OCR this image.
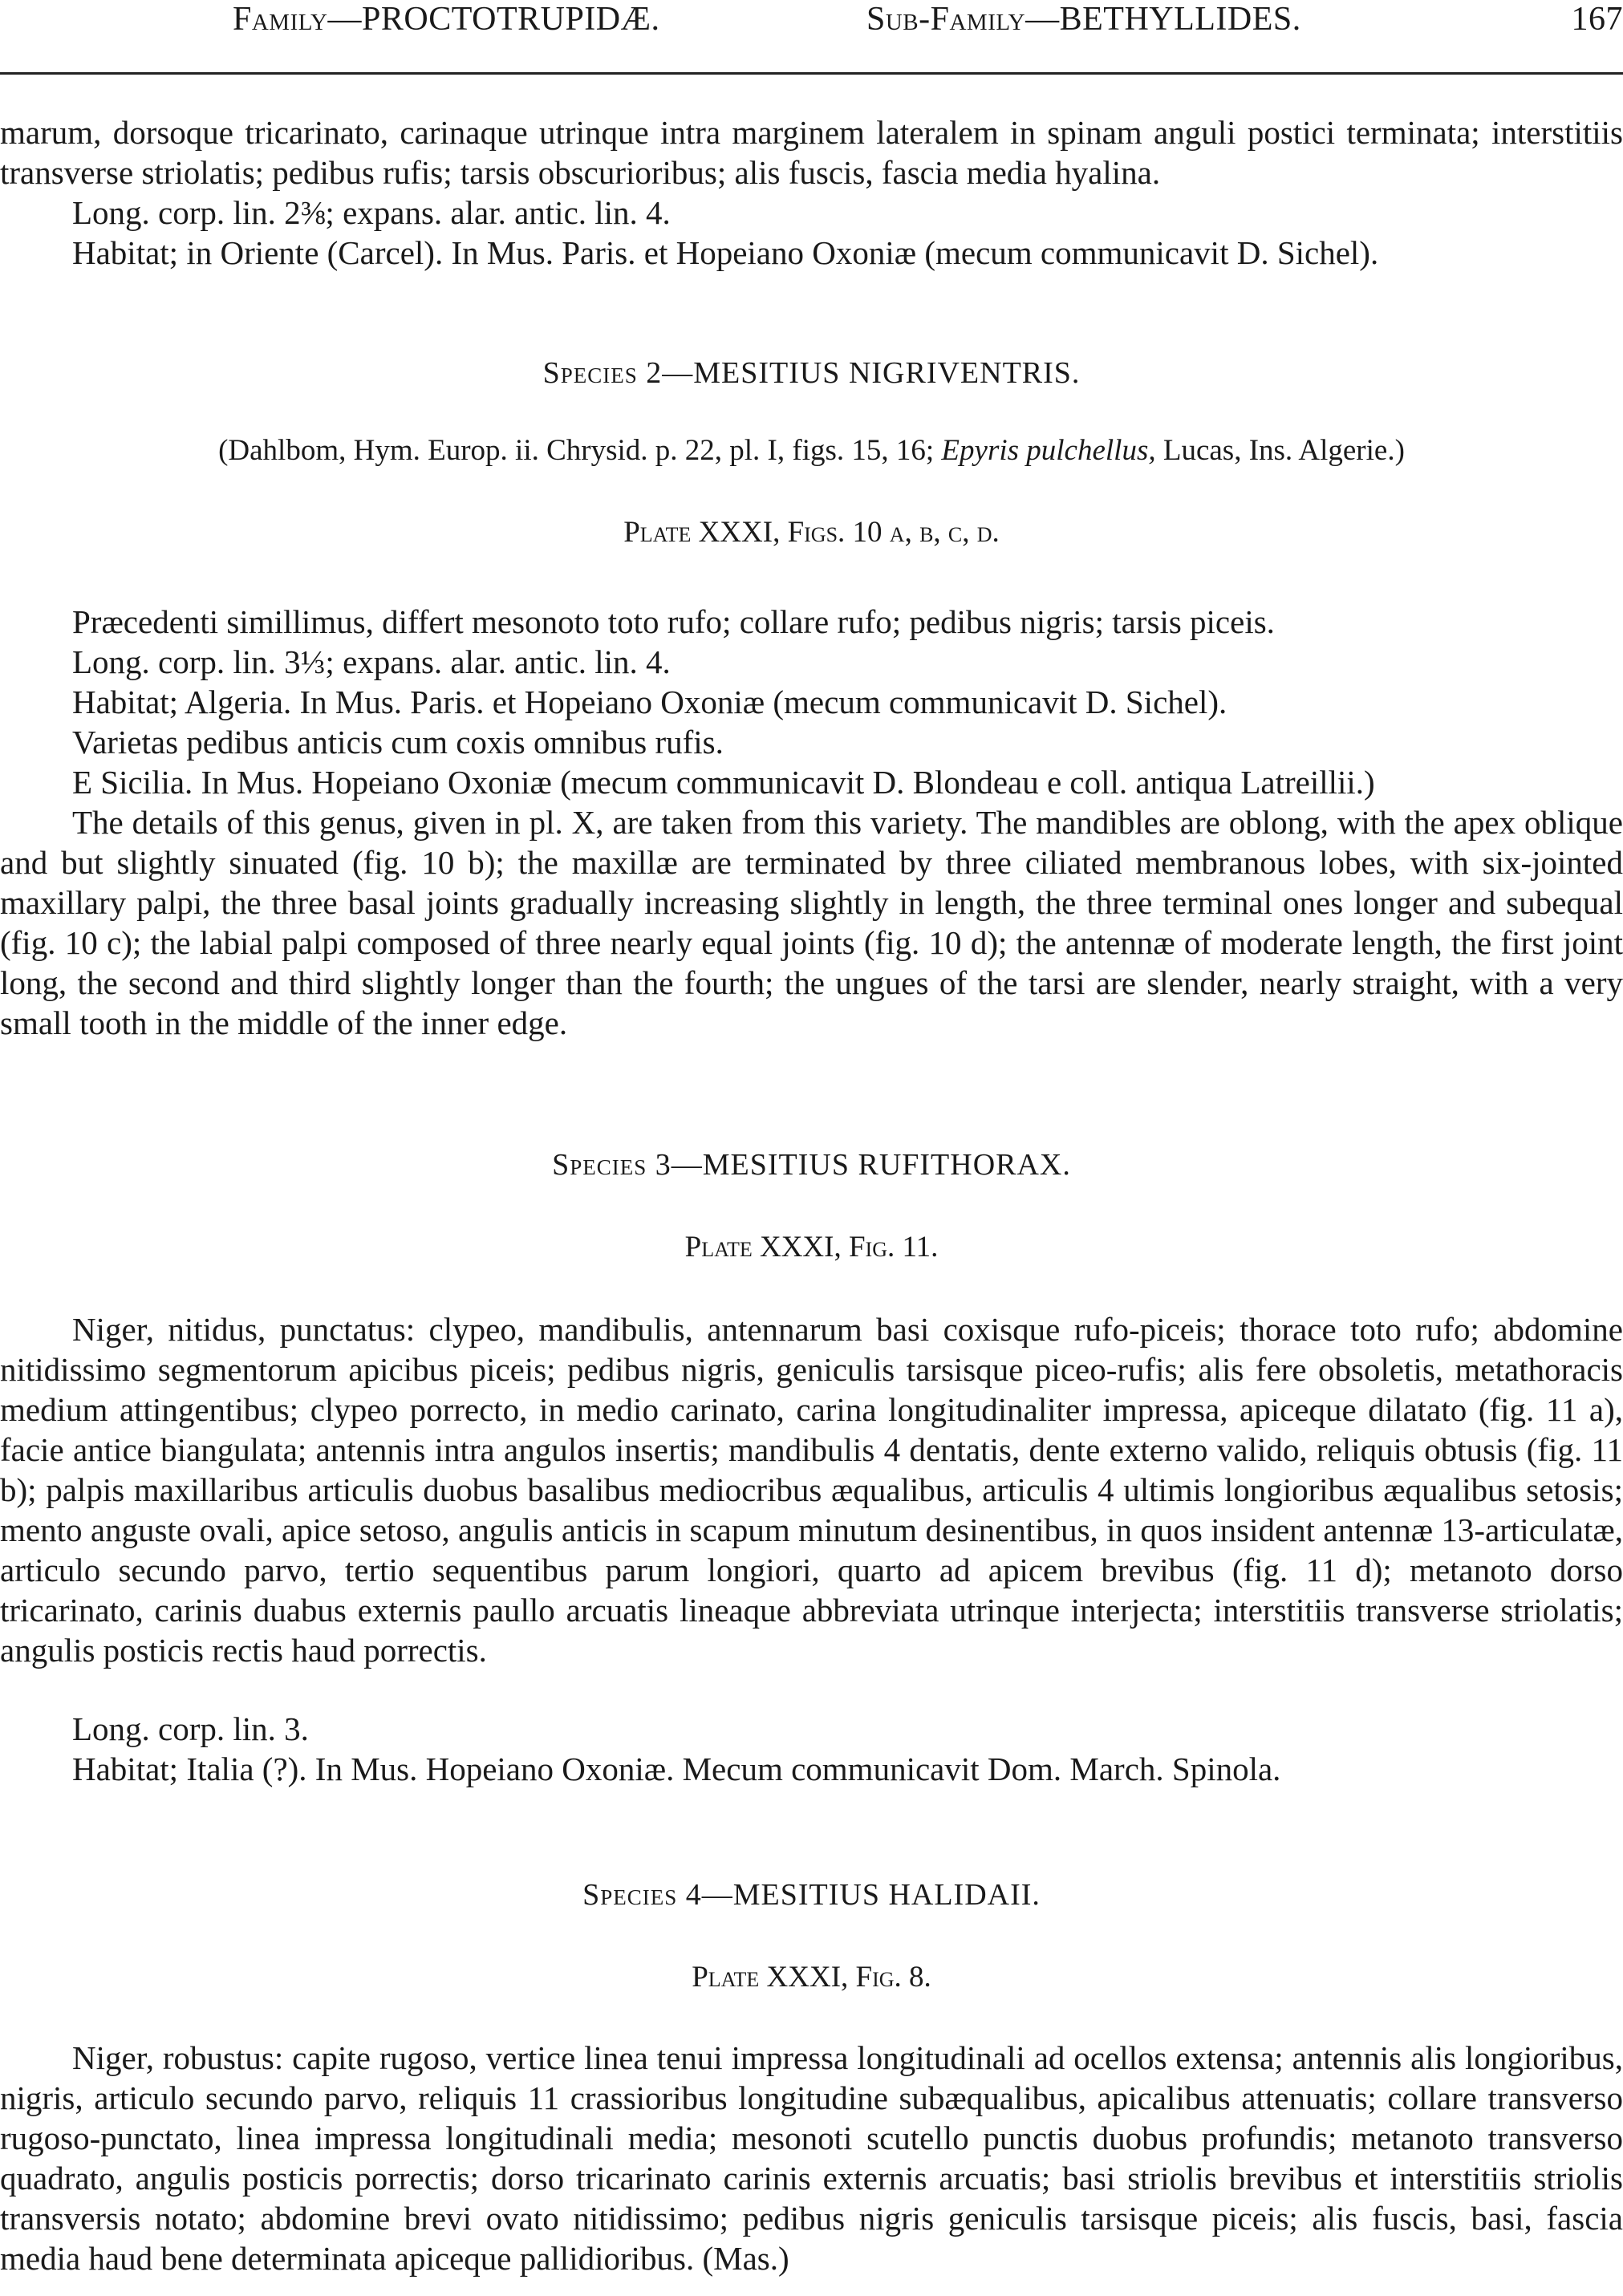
Family—PROCTOTRUPIDÆ.	Sub-Family—BETHYLLIDES.	167

marum, dorsoque tricarinato, carinaque utrinque intra marginem lateralem in spinam anguli postici terminata; interstitiis transverse striolatis; pedibus rufis; tarsis obscurioribus; alis fuscis, fascia media hyalina.

Long. corp. lin. 2⅜; expans. alar. antic. lin. 4.
Habitat; in Oriente (Carcel). In Mus. Paris. et Hopeiano Oxoniæ (mecum communicavit D. Sichel).
Species 2—MESITIUS NIGRIVENTRIS.
(Dahlbom, Hym. Europ. ii. Chrysid. p. 22, pl. I, figs. 15, 16; Epyris pulchellus, Lucas, Ins. Algerie.)
Plate XXXI, Figs. 10 a, b, c, d.
Præcedenti simillimus, differt mesonoto toto rufo; collare rufo; pedibus nigris; tarsis piceis.
Long. corp. lin. 3⅓; expans. alar. antic. lin. 4.
Habitat; Algeria. In Mus. Paris. et Hopeiano Oxoniæ (mecum communicavit D. Sichel).
Varietas pedibus anticis cum coxis omnibus rufis.
E Sicilia. In Mus. Hopeiano Oxoniæ (mecum communicavit D. Blondeau e coll. antiqua Latreillii.)

The details of this genus, given in pl. X, are taken from this variety. The mandibles are oblong, with the apex oblique and but slightly sinuated (fig. 10 b); the maxillæ are terminated by three ciliated membranous lobes, with six-jointed maxillary palpi, the three basal joints gradually increasing slightly in length, the three terminal ones longer and subequal (fig. 10 c); the labial palpi composed of three nearly equal joints (fig. 10 d); the antennæ of moderate length, the first joint long, the second and third slightly longer than the fourth; the ungues of the tarsi are slender, nearly straight, with a very small tooth in the middle of the inner edge.

Species 3—MESITIUS RUFITHORAX.
Plate XXXI, Fig. 11.

Niger, nitidus, punctatus: clypeo, mandibulis, antennarum basi coxisque rufo-piceis; thorace toto rufo; abdomine nitidissimo segmentorum apicibus piceis; pedibus nigris, geniculis tarsisque piceo-rufis; alis fere obsoletis, metathoracis medium attingentibus; clypeo porrecto, in medio carinato, carina longitudinaliter impressa, apiceque dilatato (fig. 11 a), facie antice biangulata; antennis intra angulos insertis; mandibulis 4 dentatis, dente externo valido, reliquis obtusis (fig. 11 b); palpis maxillaribus articulis duobus basalibus mediocribus æqualibus, articulis 4 ultimis longioribus æqualibus setosis; mento anguste ovali, apice setoso, angulis anticis in scapum minutum desinentibus, in quos insident antennæ 13-articulatæ, articulo secundo parvo, tertio sequentibus parum longiori, quarto ad apicem brevibus (fig. 11 d); metanoto dorso tricarinato, carinis duabus externis paullo arcuatis lineaque abbreviata utrinque interjecta; interstitiis transverse striolatis; angulis posticis rectis haud porrectis.

Long. corp. lin. 3.
Habitat; Italia (?). In Mus. Hopeiano Oxoniæ. Mecum communicavit Dom. March. Spinola.
Species 4—MESITIUS HALIDAII.
Plate XXXI, Fig. 8.

Niger, robustus: capite rugoso, vertice linea tenui impressa longitudinali ad ocellos extensa; antennis alis longioribus, nigris, articulo secundo parvo, reliquis 11 crassioribus longitudine subæqualibus, apicalibus attenuatis; collare transverso rugoso-punctato, linea impressa longitudinali media; mesonoti scutello punctis duobus profundis; metanoto transverso quadrato, angulis posticis porrectis; dorso tricarinato carinis externis arcuatis; basi striolis brevibus et interstitiis striolis transversis notato; abdomine brevi ovato nitidissimo; pedibus nigris geniculis tarsisque piceis; alis fuscis, basi, fascia media haud bene determinata apiceque pallidioribus. (Mas.)
